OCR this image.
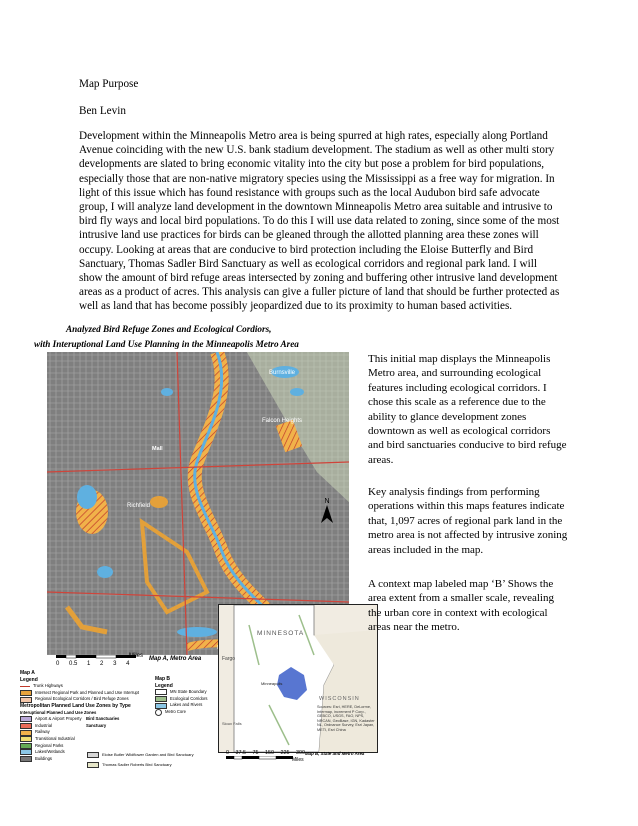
Map Purpose
Ben Levin
Development within the Minneapolis Metro area is being spurred at high rates, especially along Portland Avenue coinciding with the new U.S. bank stadium development. The stadium as well as other multi story developments are slated to bring economic vitality into the city but pose a problem for bird populations, especially those that are non-native migratory species using the Mississippi as a free way for migration. In light of this issue which has found resistance with groups such as the local Audubon bird safe advocate group, I will analyze land development in the downtown Minneapolis Metro area suitable and intrusive to bird fly ways and local bird populations. To do this I will use data related to zoning, since some of the most intrusive land use practices for birds can be gleaned through the allotted planning area these zones will occupy. Looking at areas that are conducive to bird protection including the Eloise Butterfly and Bird Sanctuary, Thomas Sadler Bird Sanctuary as well as ecological corridors and regional park land. I will show the amount of bird refuge areas intersected by zoning and buffering other intrusive land development areas as a product of acres. This analysis can give a fuller picture of land that should be further protected as well as land that has become possibly jeopardized due to its proximity to human based activities.
Analyzed Bird Refuge Zones and Ecological Cordiors,
with Interuptional Land Use Planning in the Minneapolis Metro Area
Falcon Heights
Burnsville
Richfield
Mall
N
MINNESOTA
WISCONSIN
Fargo
Minneapolis
Sioux Falls
Sources: Esri, HERE, DeLorme, Intermap, increment P Corp., GEBCO, USGS, FAO, NPS, NRCAN, GeoBase, IGN, Kadaster NL, Ordnance Survey, Esri Japan, METI, Esri China
Miles
0 0.5 1 2 3 4
Map A, Metro Area
Map A
Legend
Trunk Highways
Intersect Regional Park and Planned Land Use Interrupt
Regional Ecological Corridors / Bird Refuge Zones
Metropolitan Planned Land Use Zones by Type
Interuptional Planned Land Use Zones
Airport & Airport Property
Industrial
Railway
Transitional Industrial
Regional Parks
Lakes/Wetlands
Buildings
Bird Sanctuaries
Sanctuary
Eloise Butler Wildflower Garden and Bird Sanctuary
Thomas Sadler Roberts Bird Sanctuary
Map B
Legend
MN State Boundary
Ecological Corridors
Lakes and Rivers
Metro Core
0 37.5 75 150 225 300
Miles
Map B, State and Metro Area
This initial map displays the Minneapolis Metro area, and surrounding ecological features including ecological corridors. I chose this scale as a reference due to the ability to glance development zones downtown as well as ecological corridors and bird sanctuaries conducive to bird refuge areas.
Key analysis findings from performing operations within this maps features indicate that, 1,097 acres of regional park land in the metro area is not affected by intrusive zoning areas included in the map.
A context map labeled map ‘B’ Shows the area extent from a smaller scale, revealing the urban core in context with ecological areas near the metro.
